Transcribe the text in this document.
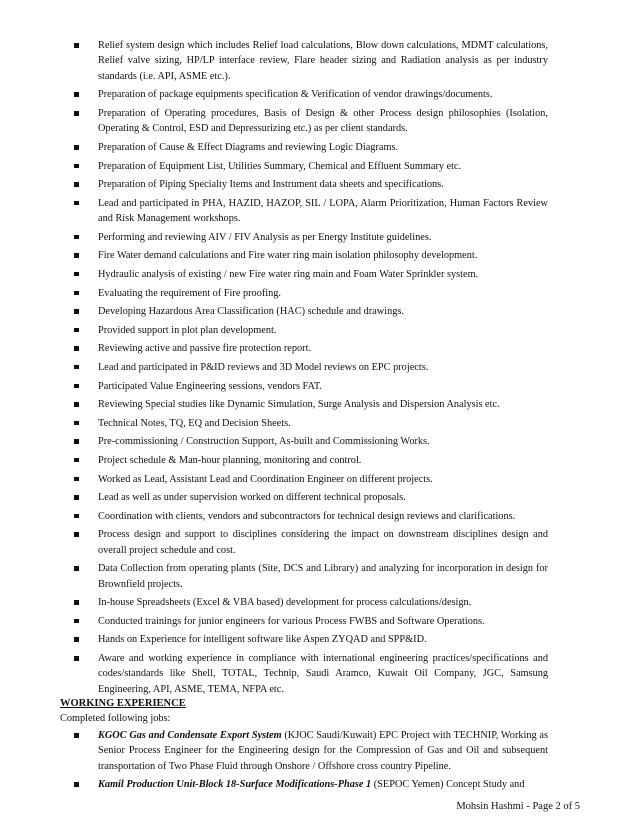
Relief system design which includes Relief load calculations, Blow down calculations, MDMT calculations, Relief valve sizing, HP/LP interface review, Flare header sizing and Radiation analysis as per industry standards (i.e. API, ASME etc.).
Preparation of package equipments specification & Verification of vendor drawings/documents.
Preparation of Operating procedures, Basis of Design & other Process design philosophies (Isolation, Operating & Control, ESD and Depressurizing etc.) as per client standards.
Preparation of Cause & Effect Diagrams and reviewing Logic Diagrams.
Preparation of Equipment List, Utilities Summary, Chemical and Effluent Summary etc.
Preparation of Piping Specialty Items and Instrument data sheets and specifications.
Lead and participated in PHA, HAZID, HAZOP, SIL / LOPA, Alarm Prioritization, Human Factors Review and Risk Management workshops.
Performing and reviewing AIV / FIV Analysis as per Energy Institute guidelines.
Fire Water demand calculations and Fire water ring main isolation philosophy development.
Hydraulic analysis of existing / new Fire water ring main and Foam Water Sprinkler system.
Evaluating the requirement of Fire proofing.
Developing Hazardous Area Classification (HAC) schedule and drawings.
Provided support in plot plan development.
Reviewing active and passive fire protection report.
Lead and participated in P&ID reviews and 3D Model reviews on EPC projects.
Participated Value Engineering sessions, vendors FAT.
Reviewing Special studies like Dynamic Simulation, Surge Analysis and Dispersion Analysis etc.
Technical Notes, TQ, EQ and Decision Sheets.
Pre-commissioning / Construction Support, As-built and Commissioning Works.
Project schedule & Man-hour planning, monitoring and control.
Worked as Lead, Assistant Lead and Coordination Engineer on different projects.
Lead as well as under supervision worked on different technical proposals.
Coordination with clients, vendors and subcontractors for technical design reviews and clarifications.
Process design and support to disciplines considering the impact on downstream disciplines design and overall project schedule and cost.
Data Collection from operating plants (Site, DCS and Library) and analyzing for incorporation in design for Brownfield projects.
In-house Spreadsheets (Excel & VBA based) development for process calculations/design.
Conducted trainings for junior engineers for various Process FWBS and Software Operations.
Hands on Experience for intelligent software like Aspen ZYQAD and SPP&ID.
Aware and working experience in compliance with international engineering practices/specifications and codes/standards like Shell, TOTAL, Technip, Saudi Aramco, Kuwait Oil Company, JGC, Samsung Engineering, API, ASME, TEMA, NFPA etc.
WORKING EXPERIENCE

Completed following jobs:

KGOC Gas and Condensate Export System (KJOC Saudi/Kuwait) EPC Project with TECHNIP, Working as Senior Process Engineer for the Engineering design for the Compression of Gas and Oil and subsequent transportation of Two Phase Fluid through Onshore / Offshore cross country Pipeline.
Kamil Production Unit-Block 18-Surface Modifications-Phase 1 (SEPOC Yemen) Concept Study and
Mohsin Hashmi - Page 2 of 5
